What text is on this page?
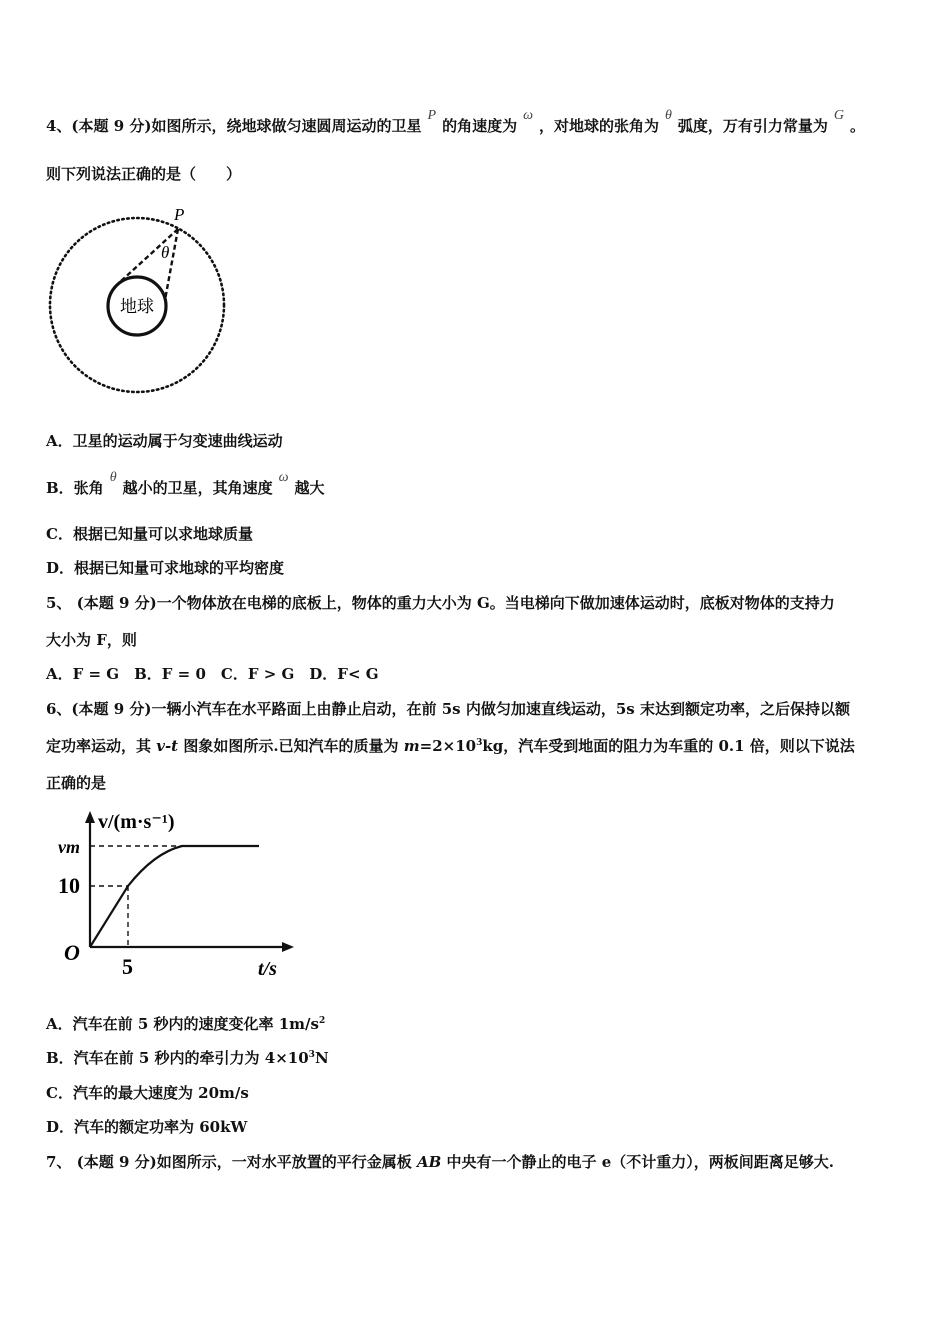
4、(本题 9 分)如图所示，绕地球做匀速圆周运动的卫星P的角速度为ω，对地球的张角为θ弧度，万有引力常量为G。
则下列说法正确的是（　　）
P
θ
地球
A．卫星的运动属于匀变速曲线运动
B．张角θ越小的卫星，其角速度ω越大
C．根据已知量可以求地球质量
D．根据已知量可求地球的平均密度
5、 (本题 9 分)一个物体放在电梯的底板上，物体的重力大小为 G。当电梯向下做加速体运动时，底板对物体的支持力
大小为 F，则
A．F = G　B．F = 0　C．F > G　D．F< G
6、(本题 9 分)一辆小汽车在水平路面上由静止启动，在前 5s 内做匀加速直线运动，5s 末达到额定功率，之后保持以额
定功率运动，其 v-t 图象如图所示.已知汽车的质量为 $m=2\times 10^3kg$，汽车受到地面的阻力为车重的 0.1 倍，则以下说法
正确的是
v/(m·s⁻¹)
vm
10
O
5	t/s
A．汽车在前 5 秒内的速度变化率 $1m/s^2$
B．汽车在前 5 秒内的牵引力为 $4\times 10^3N$
C．汽车的最大速度为 20m/s
D．汽车的额定功率为 60kW
7、 (本题 9 分)如图所示，一对水平放置的平行金属板 AB 中央有一个静止的电子 e（不计重力），两板间距离足够大.
